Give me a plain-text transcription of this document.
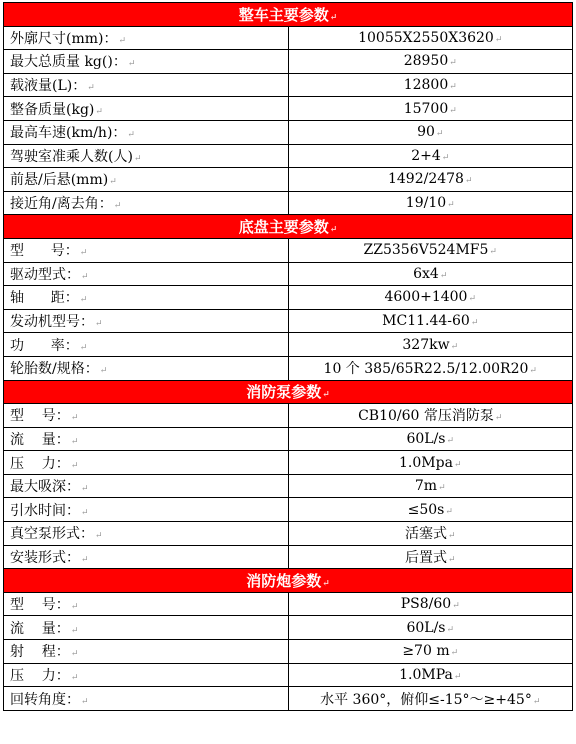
整车主要参数↵	
外廓尺寸(mm)：↵	10055X2550X3620↵
最大总质量 kg()：↵	28950↵
载液量(L)：↵	12800↵
整备质量(kg)↵	15700↵
最高车速(km/h)：↵	90↵
驾驶室准乘人数(人)↵	2+4↵
前悬/后悬(mm)↵	1492/2478↵
接近角/离去角：↵	19/10↵
底盘主要参数↵	
型      号：↵	ZZ5356V524MF5↵
驱动型式：↵	6x4↵
轴      距：↵	4600+1400↵
发动机型号：↵	MC11.44-60↵
功      率：↵	327kw↵
轮胎数/规格：↵	10 个 385/65R22.5/12.00R20↵
消防泵参数↵	
型    号：↵	CB10/60 常压消防泵↵
流    量：↵	60L/s↵
压    力：↵	1.0Mpa↵
最大吸深：↵	7m↵
引水时间：↵	≤50s↵
真空泵形式：↵	活塞式↵
安装形式：↵	后置式↵
消防炮参数↵	
型    号：↵	PS8/60↵
流    量：↵	60L/s↵
射    程：↵	≥70 m↵
压    力：↵	1.0MPa↵
回转角度：↵	水平 360°，俯仰≤-15°～≥+45°↵
